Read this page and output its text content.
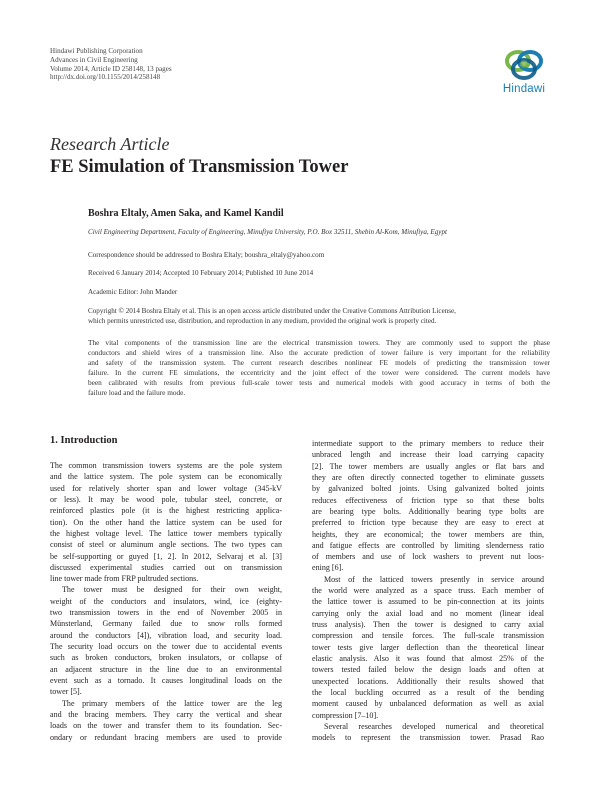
Hindawi Publishing Corporation
Advances in Civil Engineering
Volume 2014, Article ID 258148, 13 pages
http://dx.doi.org/10.1155/2014/258148
Hindawi
Research Article
FE Simulation of Transmission Tower
Boshra Eltaly, Amen Saka, and Kamel Kandil
Civil Engineering Department, Faculty of Engineering, Minufiya University, P.O. Box 32511, Shebin Al-Kom, Minufiya, Egypt
Correspondence should be addressed to Boshra Eltaly; boushra_eltaly@yahoo.com
Received 6 January 2014; Accepted 10 February 2014; Published 10 June 2014
Academic Editor: John Mander
Copyright © 2014 Boshra Eltaly et al. This is an open access article distributed under the Creative Commons Attribution License,
which permits unrestricted use, distribution, and reproduction in any medium, provided the original work is properly cited.
The vital components of the transmission line are the electrical transmission towers. They are commonly used to support the phase
conductors and shield wires of a transmission line. Also the accurate prediction of tower failure is very important for the reliability
and safety of the transmission system. The current research describes nonlinear FE models of predicting the transmission tower
failure. In the current FE simulations, the eccentricity and the joint effect of the tower were considered. The current models have
been calibrated with results from previous full-scale tower tests and numerical models with good accuracy in terms of both the
failure load and the failure mode.
1. Introduction

The common transmission towers systems are the pole system

and the lattice system. The pole system can be economically

used for relatively shorter span and lower voltage (345-kV

or less). It may be wood pole, tubular steel, concrete, or

reinforced plastics pole (it is the highest restricting applica-

tion). On the other hand the lattice system can be used for

the highest voltage level. The lattice tower members typically

consist of steel or aluminum angle sections. The two types can

be self-supporting or guyed [1, 2]. In 2012, Selvaraj et al. [3]

discussed experimental studies carried out on transmission

line tower made from FRP pultruded sections.

The tower must be designed for their own weight,

weight of the conductors and insulators, wind, ice (eighty-

two transmission towers in the end of November 2005 in

Münsterland, Germany failed due to snow rolls formed

around the conductors [4]), vibration load, and security load.

The security load occurs on the tower due to accidental events

such as broken conductors, broken insulators, or collapse of

an adjacent structure in the line due to an environmental

event such as a tornado. It causes longitudinal loads on the

tower [5].

The primary members of the lattice tower are the leg

and the bracing members. They carry the vertical and shear

loads on the tower and transfer them to its foundation. Sec-

ondary or redundant bracing members are used to provide

intermediate support to the primary members to reduce their

unbraced length and increase their load carrying capacity

[2]. The tower members are usually angles or flat bars and

they are often directly connected together to eliminate gussets

by galvanized bolted joints. Using galvanized bolted joints

reduces effectiveness of friction type so that these bolts

are bearing type bolts. Additionally bearing type bolts are

preferred to friction type because they are easy to erect at

heights, they are economical; the tower members are thin,

and fatigue effects are controlled by limiting slenderness ratio

of members and use of lock washers to prevent nut loos-

ening [6].

Most of the latticed towers presently in service around

the world were analyzed as a space truss. Each member of

the lattice tower is assumed to be pin-connection at its joints

carrying only the axial load and no moment (linear ideal

truss analysis). Then the tower is designed to carry axial

compression and tensile forces. The full-scale transmission

tower tests give larger deflection than the theoretical linear

elastic analysis. Also it was found that almost 25% of the

towers tested failed below the design loads and often at

unexpected locations. Additionally their results showed that

the local buckling occurred as a result of the bending

moment caused by unbalanced deformation as well as axial

compression [7–10].

Several researches developed numerical and theoretical

models to represent the transmission tower. Prasad Rao
